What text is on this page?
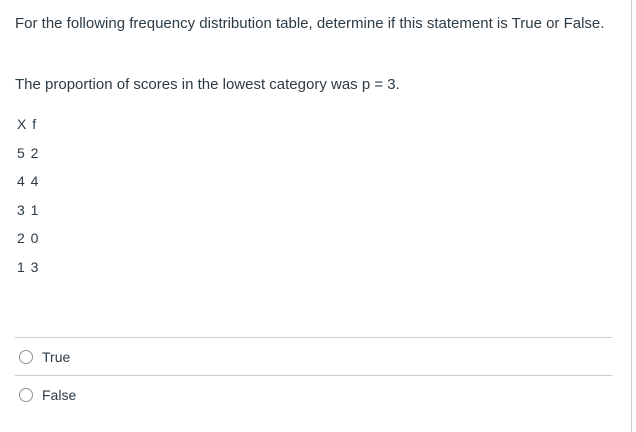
For the following frequency distribution table, determine if this statement is True or False.

The proportion of scores in the lowest category was p = 3.
X f
5 2
4 4
3 1
2 0
1 3
True
False
